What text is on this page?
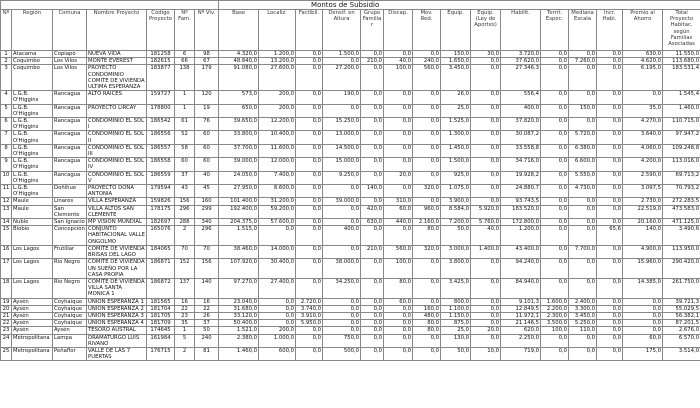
							Montos de Subsidio														
Nº	Región	Comuna	Nombre Proyecto	Código Proyecto	Nº Fam.	Nº Viv.	Base	Localiz.	Factibil.	Densif. en Altura	Grupo Familiar	Discap.	Mov. Red.	Equip.	Equip. (Ley de Aportes)	Habilit.	Territ. Espec.	Mediana Escala	Incr. Habi.	Premio al Ahorro	Total Proyecto Habitac. según Familias Asociadas
1	Atacama	Copiapó	NUEVA VIDA	181258	6	98	4.320,0	1.200,0	0,0	1.500,0	0,0	0,0	0,0	150,0	30,0	3.720,0	0,0	0,0	0,0	630,0	11.550,0
2	Coquimbo	Los Vilos	MONTE EVEREST	182615	66	67	48.840,0	13.200,0	0,0	0,0	210,0	40,0	240,0	1.650,0	0,0	37.620,0	0,0	7.260,0	0,0	4.620,0	113.680,0
3	Coquimbo	Los Vilos	PROYECTO CONDOMINIO COMITE DE VIVIENDA ULTIMA ESPERANZA	183877	138	179	91.080,0	27.600,0	0,0	27.200,0	0,0	100,0	560,0	3.450,0	0,0	27.346,3	0,0	0,0	0,0	6.195,0	183.531,4
4	L.G.B. O'Higgins	Rancagua	ALTO RAICES	159727	1	120	573,0	200,0	0,0	190,0	0,0	0,0	0,0	26,0	0,0	556,4	0,0	0,0	0,0	0,0	1.545,4
5	L.G.B. O'Higgins	Rancagua	PROYECTO LIRCAY	178800	1	19	650,0	200,0	0,0	0,0	0,0	0,0	0,0	25,0	0,0	400,0	0,0	150,0	0,0	35,0	1.460,0
6	L.G.B. O'Higgins	Rancagua	CONDOMINIO EL SOL I	186542	61	76	39.650,0	12.200,0	0,0	15.250,0	0,0	0,0	0,0	1.525,0	0,0	37.820,0	0,0	0,0	0,0	4.270,0	110.715,0
7	L.G.B. O'Higgins	Rancagua	CONDOMINIO EL SOL II	186556	52	60	33.800,0	10.400,0	0,0	13.000,0	0,0	0,0	0,0	1.300,0	0,0	30.087,2	0,0	5.720,0	0,0	3.640,0	97.947,2
8	L.G.B. O'Higgins	Rancagua	CONDOMINIO EL SOL III	186557	58	60	37.700,0	11.600,0	0,0	14.500,0	0,0	0,0	0,0	1.450,0	0,0	33.558,8	0,0	6.380,0	0,0	4.060,0	109.248,8
9	L.G.B. O'Higgins	Rancagua	CONDOMINIO EL SOL IV	186558	60	60	39.000,0	12.000,0	0,0	15.000,0	0,0	0,0	0,0	1.500,0	0,0	34.716,0	0,0	6.600,0	0,0	4.200,0	113.016,0
10	L.G.B. O'Higgins	Rancagua	CONDOMINIO EL SOL V	186559	37	40	24.050,0	7.400,0	0,0	9.250,0	0,0	20,0	0,0	925,0	0,0	19.928,2	0,0	5.550,0	0,0	2.590,0	69.713,2
11	L.G.B. O'Higgins	Doñihue	PROYECTO DOÑA ANTONIA	179594	43	45	27.950,0	8.600,0	0,0	0,0	140,0	0,0	320,0	1.075,0	0,0	24.880,7	0,0	4.730,0	0,0	3.097,5	70.793,2
12	Maule	Linares	VILLA ESPERANZA	159826	156	160	101.400,0	31.200,0	0,0	39.000,0	0,0	310,0	0,0	3.900,0	0,0	93.743,5	0,0	0,0	0,0	2.730,0	272.283,5
13	Maule	San Clemente	VILLA ALTOS SAN CLEMENTE	178175	296	299	192.400,0	59.200,0	0,0	0,0	420,0	60,0	960,0	8.584,0	5.920,0	183.520,0	0,0	0,0	0,0	22.519,0	473.583,0
14	Ñuble	San Ignacio	MP VISIÓN MUNDIAL	182697	288	340	204.375,0	57.600,0	0,0	0,0	630,0	440,0	2.160,0	7.200,0	5.760,0	172.800,0	0,0	0,0	0,0	20.160,0	471.125,0
15	Biobío	Concepción	CONJUNTO HABITACIONAL VALLE ONGOLMO	165076	2	296	1.515,0	0,0	0,0	400,0	0,0	0,0	80,0	50,0	40,0	1.200,0	0,0	0,0	65,6	140,0	3.490,6
16	Los Lagos	Frutillar	COMITE DE VIVIENDA BRISAS DEL LAGO	184065	70	70	38.460,0	14.000,0	0,0	0,0	210,0	560,0	320,0	3.000,0	1.400,0	43.400,0	0,0	7.700,0	0,0	4.900,0	113.950,0
17	Los Lagos	Río Negro	COMITE DE VIVIENDA UN SUEÑO POR LA CASA PROPIA	186871	152	156	107.920,0	30.400,0	0,0	38.000,0	0,0	100,0	0,0	3.800,0	0,0	94.240,0	0,0	0,0	0,0	15.960,0	290.420,0
18	Los Lagos	Río Negro	COMITE DE VIVIENDA VILLA SANTA MONICA 1	186872	137	140	97.270,0	27.400,0	0,0	34.250,0	0,0	80,0	0,0	3.425,0	0,0	84.940,0	0,0	0,0	0,0	14.385,0	261.750,0
19	Aysén	Coyhaique	UNION ESPERANZA 1	181565	16	16	23.040,0	0,0	2.720,0	0,0	0,0	60,0	0,0	800,0	0,0	9.101,3	1.600,0	2.400,0	0,0	0,0	39.721,3
20	Aysén	Coyhaique	UNION ESPERANZA 2	181704	22	22	31.680,0	0,0	3.740,0	0,0	0,0	0,0	160,0	1.100,0	0,0	12.849,5	2.200,0	3.300,0	0,0	0,0	55.029,5
21	Aysén	Coyhaique	UNION ESPERANZA 3	181705	23	26	33.120,0	0,0	3.910,0	0,0	0,0	0,0	480,0	1.150,0	0,0	11.972,1	2.300,0	3.450,0	0,0	0,0	56.382,1
22	Aysén	Coyhaique	UNION ESPERANZA 4	181709	35	37	50.400,0	0,0	5.950,0	0,0	0,0	0,0	80,0	875,0	0,0	21.146,5	3.500,0	5.250,0	0,0	0,0	87.201,5
23	Aysén	Aysén	TESORO AUSTRAL	174645	1	50	1.521,0	200,0	0,0	0,0	0,0	0,0	80,0	25,0	20,0	620,0	100,0	110,0	0,0	0,0	2.676,0
24	Metropolitana	Lampa	DRAMATURGO LUIS RIVANO	161984	5	240	2.380,0	1.000,0	0,0	750,0	0,0	0,0	0,0	130,0	0,0	2.250,0	0,0	0,0	0,0	60,0	6.570,0
25	Metropolitana	Peñaflor	VALLE DE LAS 7 PUERTAS	176715	2	81	1.460,0	600,0	0,0	500,0	0,0	0,0	0,0	50,0	10,0	719,0	0,0	0,0	0,0	175,0	3.514,0
